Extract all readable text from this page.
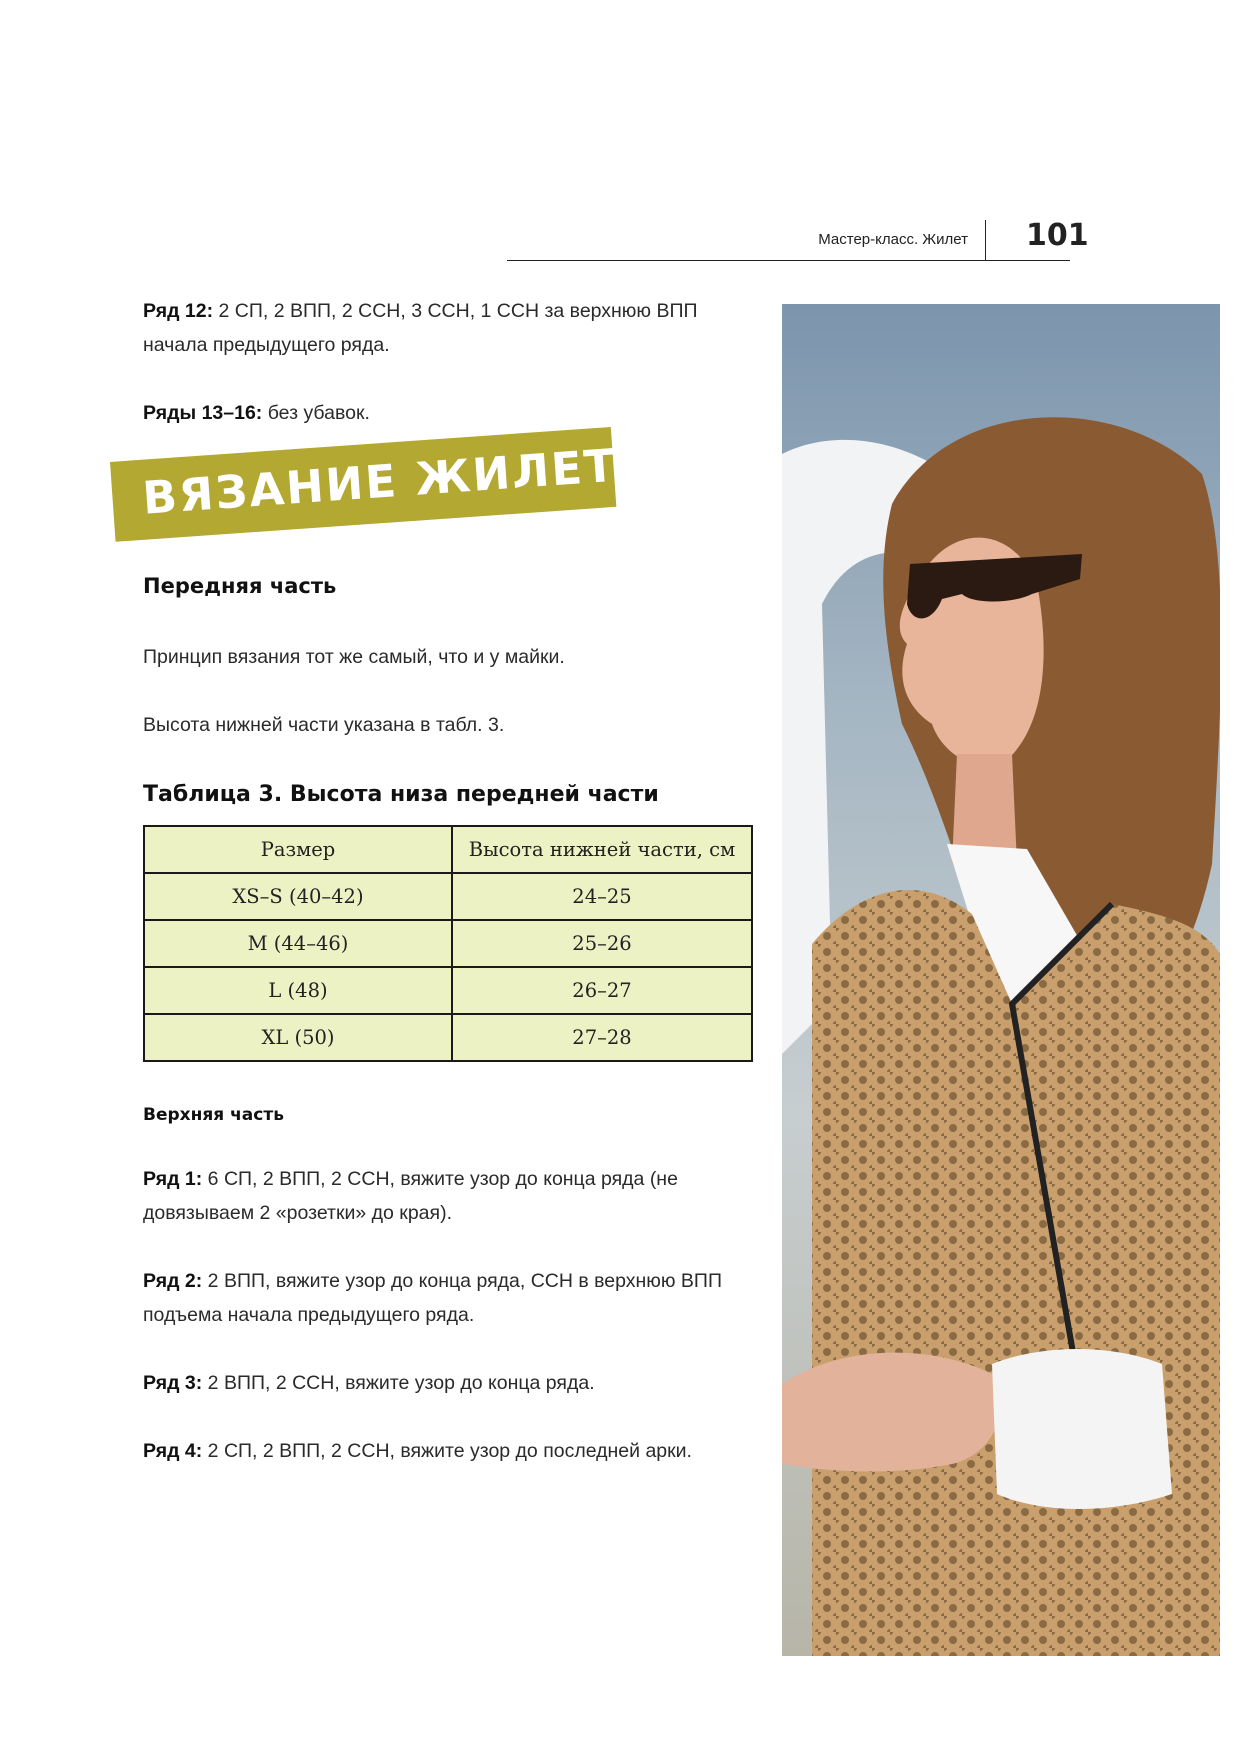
Мастер-класс. Жилет 101
Ряд 12: 2 СП, 2 ВПП, 2 ССН, 3 ССН, 1 ССН за верхнюю ВПП начала предыдущего ряда.
Ряды 13–16: без убавок.
ВЯЗАНИЕ ЖИЛЕТА
Передняя часть
Принцип вязания тот же самый, что и у майки.
Высота нижней части указана в табл. 3.
Таблица 3. Высота низа передней части
Размер	Высота нижней части, см
XS–S (40–42)	24–25
M (44–46)	25–26
L (48)	26–27
XL (50)	27–28
Верхняя часть
Ряд 1: 6 СП, 2 ВПП, 2 ССН, вяжите узор до конца ряда (не довязываем 2 «розетки» до края).
Ряд 2: 2 ВПП, вяжите узор до конца ряда, ССН в верхнюю ВПП подъема начала предыдущего ряда.
Ряд 3: 2 ВПП, 2 ССН, вяжите узор до конца ряда.
Ряд 4: 2 СП, 2 ВПП, 2 ССН, вяжите узор до последней арки.
